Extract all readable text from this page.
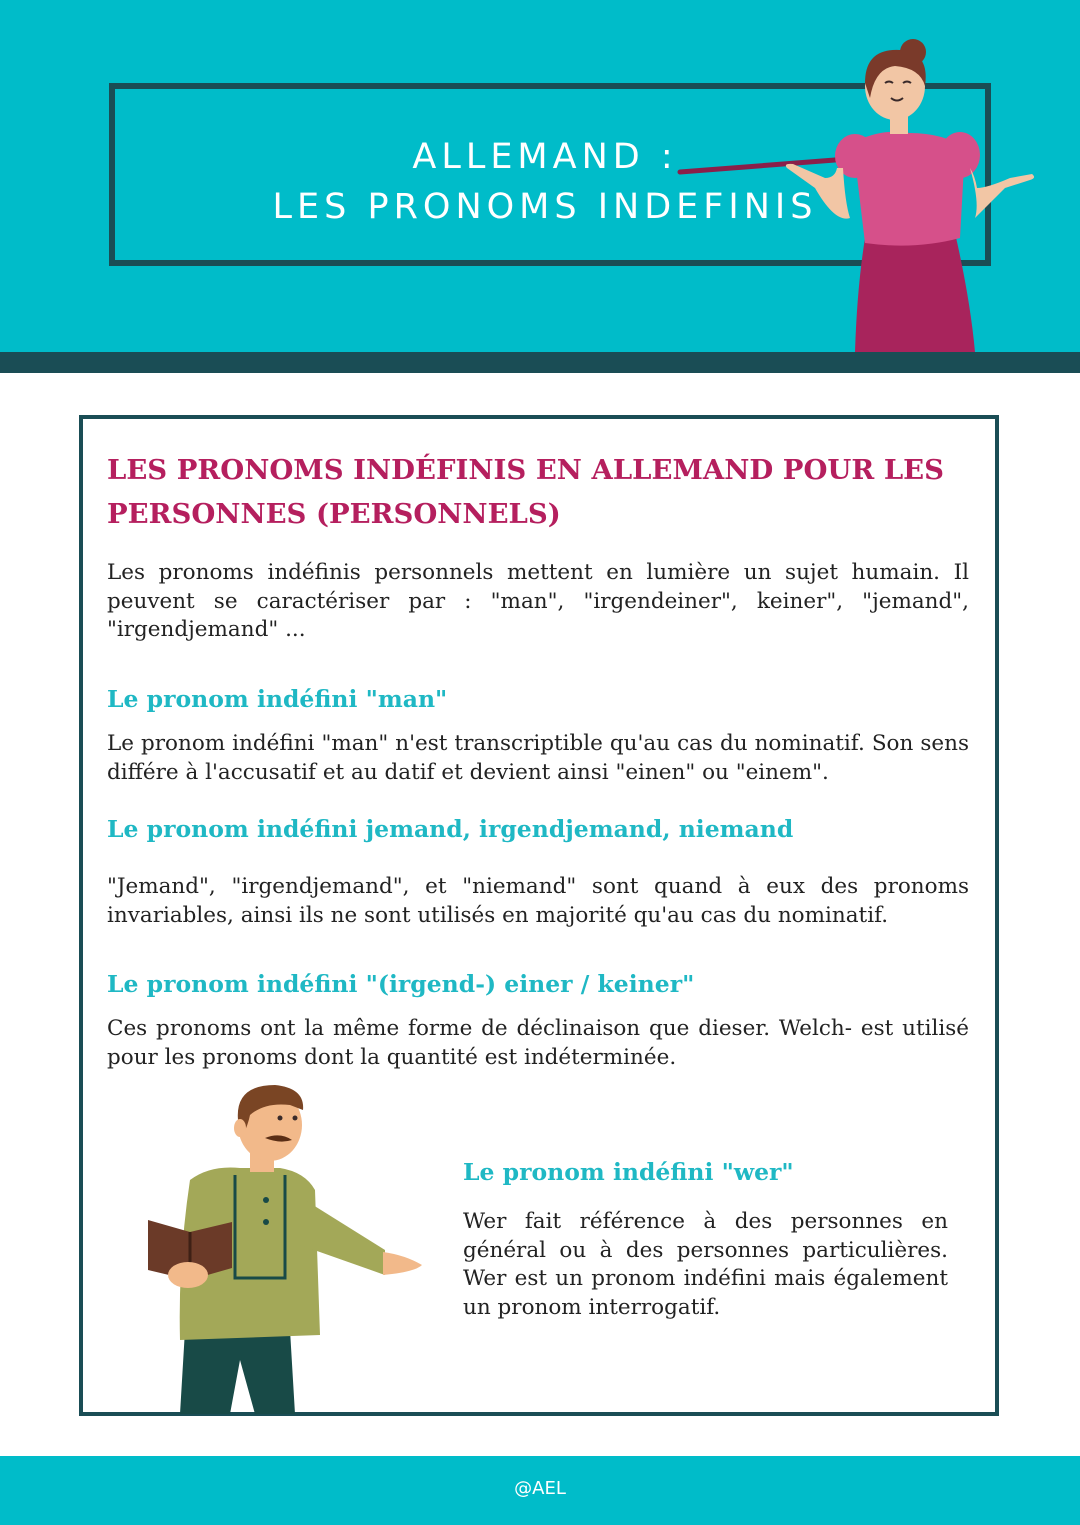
ALLEMAND :
LES PRONOMS INDEFINIS
LES PRONOMS INDÉFINIS EN ALLEMAND POUR LES
PERSONNES (PERSONNELS)

Les pronoms indéfinis personnels mettent en lumière un sujet humain. Il peuvent se caractériser par : "man", "irgendeiner", keiner", "jemand", "irgendjemand" ...

Le pronom indéfini "man"

Le pronom indéfini "man" n'est transcriptible qu'au cas du nominatif. Son sens différe à l'accusatif et au datif et devient ainsi "einen" ou "einem".

Le pronom indéfini jemand, irgendjemand, niemand

"Jemand", "irgendjemand", et "niemand" sont quand à eux des pronoms invariables, ainsi ils ne sont utilisés en majorité qu'au cas du nominatif.

Le pronom indéfini "(irgend-) einer / keiner"

Ces pronoms ont la même forme de déclinaison que dieser. Welch- est utilisé pour les pronoms dont la quantité est indéterminée.

Le pronom indéfini "wer"

Wer fait référence à des personnes en général ou à des personnes particulières. Wer est un pronom indéfini mais également un pronom interrogatif.

@AEL
